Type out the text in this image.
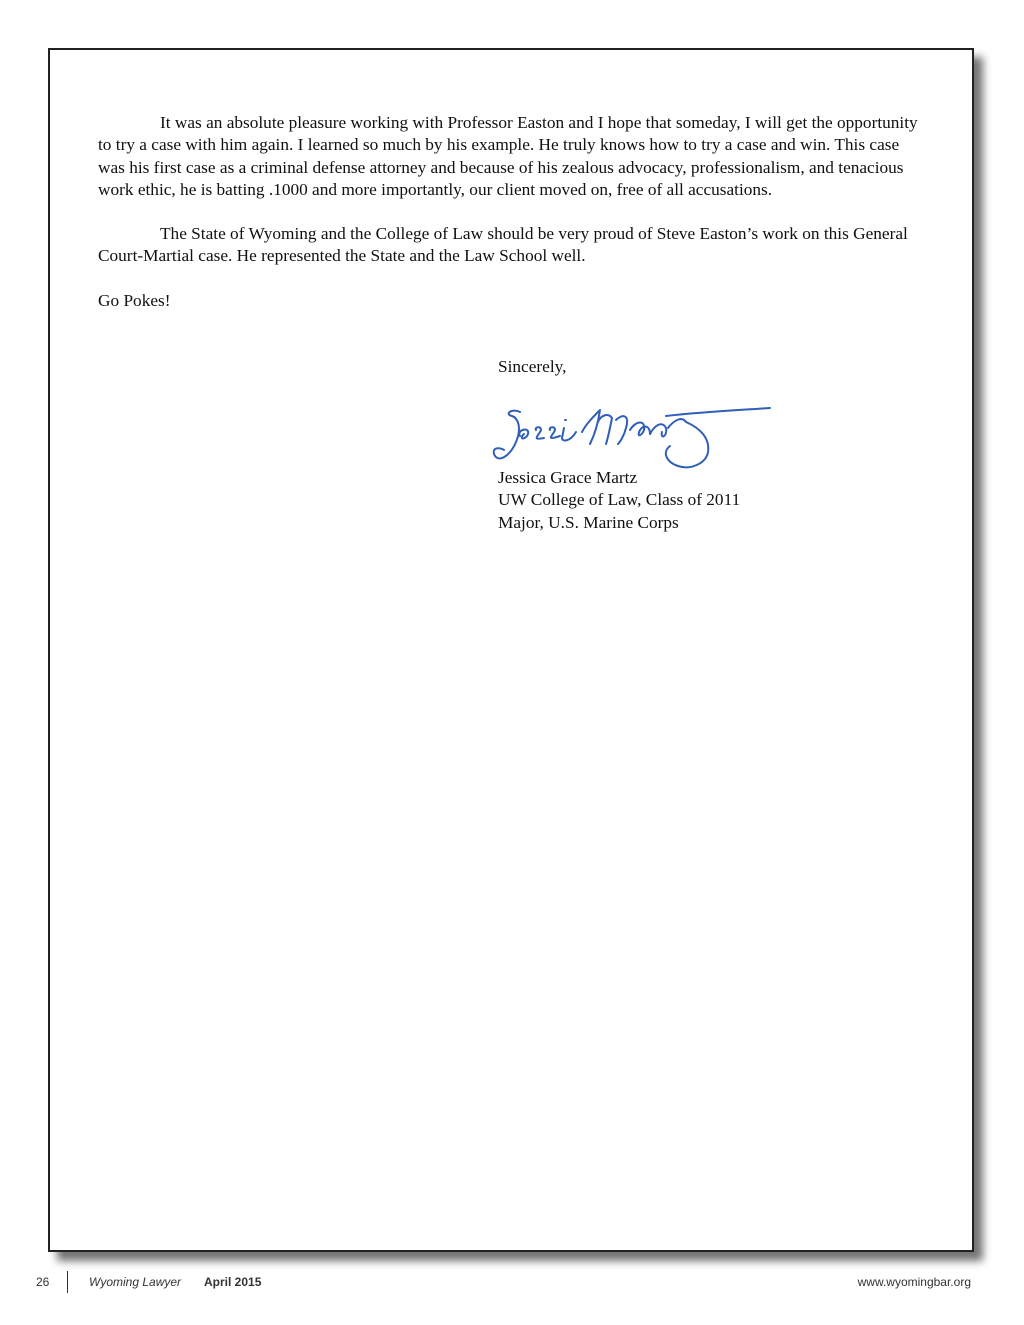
It was an absolute pleasure working with Professor Easton and I hope that someday, I will get the opportunity to try a case with him again. I learned so much by his example. He truly knows how to try a case and win. This case was his first case as a criminal defense attorney and because of his zealous advocacy, professionalism, and tenacious work ethic, he is batting .1000 and more importantly, our client moved on, free of all accusations.

The State of Wyoming and the College of Law should be very proud of Steve Easton’s work on this General Court-Martial case. He represented the State and the Law School well.

Go Pokes!

Sincerely,
Jessica Grace Martz
UW College of Law, Class of 2011
Major, U.S. Marine Corps
26	Wyoming Lawyer April 2015	www.wyomingbar.org
